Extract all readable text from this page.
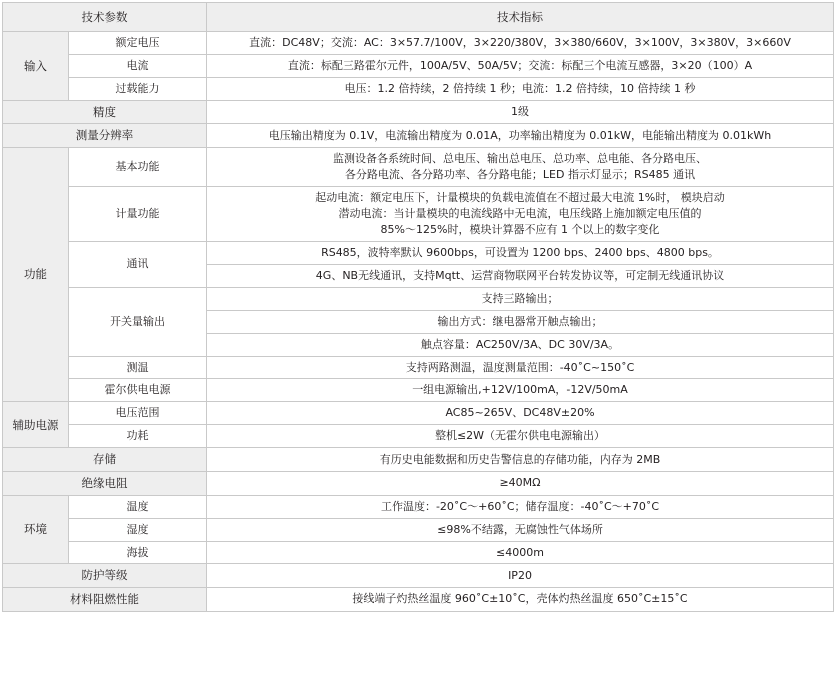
技术参数		技术指标
输入	额定电压	直流：DC48V；交流：AC：3×57.7/100V，3×220/380V，3×380/660V，3×100V，3×380V，3×660V

	电流	直流：标配三路霍尔元件，100A/5V、50A/5V；交流：标配三个电流互感器，3×20（100）A

	过载能力	电压：1.2 倍持续，2 倍持续 1 秒；电流：1.2 倍持续，10 倍持续 1 秒

精度		1级

测量分辨率		电压输出精度为 0.1V，电流输出精度为 0.01A，功率输出精度为 0.01kW，电能输出精度为 0.01kWh

功能	基本功能	监测设备各系统时间、总电压、输出总电压、总功率、总电能、各分路电压、
各分路电流、各分路功率、各分路电能；LED 指示灯显示；RS485 通讯

	计量功能	起动电流：额定电压下，计量模块的负载电流值在不超过最大电流 1%时， 模块启动
潜动电流：当计量模块的电流线路中无电流，电压线路上施加额定电压值的
85%～125%时，模块计算器不应有 1 个以上的数字变化

	通讯	RS485，波特率默认 9600bps，可设置为 1200 bps、2400 bps、4800 bps。

		4G、NB无线通讯，支持Mqtt、运营商物联网平台转发协议等，可定制无线通讯协议

	开关量输出	支持三路输出；

		输出方式：继电器常开触点输出；

		触点容量：AC250V/3A、DC 30V/3A。

	测温	支持两路测温，温度测量范围：-40˚C~150˚C

	霍尔供电电源	一组电源输出,+12V/100mA，-12V/50mA

辅助电源	电压范围	AC85~265V、DC48V±20%

	功耗	整机≤2W（无霍尔供电电源输出）

存储		有历史电能数据和历史告警信息的存储功能，内存为 2MB

绝缘电阻		≥40MΩ

环境	温度	工作温度：-20˚C～+60˚C；储存温度：-40˚C～+70˚C

	湿度	≤98%不结露，无腐蚀性气体场所

	海拔	≤4000m

防护等级		IP20

材料阻燃性能		接线端子灼热丝温度 960˚C±10˚C，壳体灼热丝温度 650˚C±15˚C
